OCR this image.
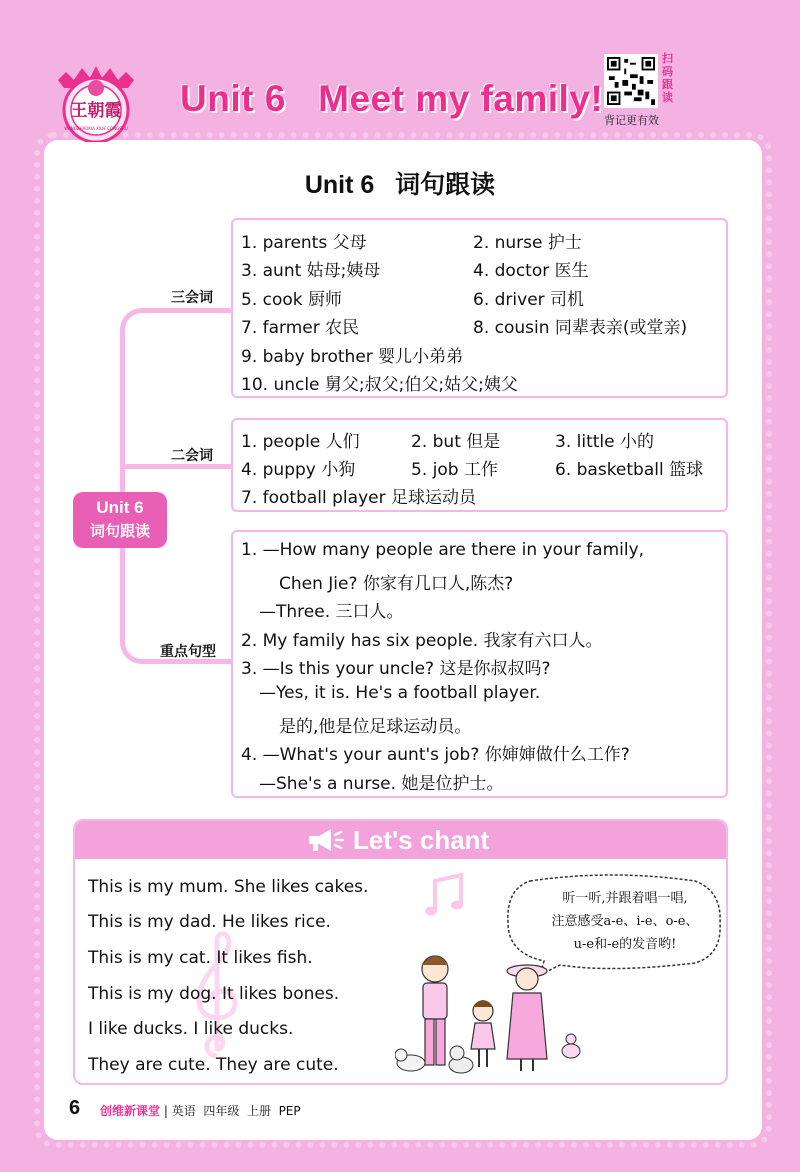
王朝霞
WANGZHAOXIA XILIE CONGSHU
Unit 6   Meet my family!
扫码跟读
背记更有效
Unit 6   词句跟读
Unit 6
词句跟读
三会词
二会词
重点句型
1. parents 父母	2. nurse 护士
3. aunt 姑母;姨母	4. doctor 医生
5. cook 厨师	6. driver 司机
7. farmer 农民	8. cousin 同辈表亲(或堂亲)
9. baby brother 婴儿小弟弟
10. uncle 舅父;叔父;伯父;姑父;姨父
1. people 人们	2. but 但是	3. little 小的
4. puppy 小狗	5. job 工作	6. basketball 篮球
7. football player 足球运动员
1. —How many people are there in your family,
Chen Jie? 你家有几口人,陈杰?
—Three. 三口人。
2. My family has six people. 我家有六口人。
3. —Is this your uncle? 这是你叔叔吗?
—Yes, it is. He's a football player.
是的,他是位足球运动员。
4. —What's your aunt's job? 你婶婶做什么工作?
—She's a nurse. 她是位护士。
Let's chant
This is my mum. She likes cakes.
This is my dad. He likes rice.
This is my cat. It likes fish.
This is my dog. It likes bones.
I like ducks. I like ducks.
They are cute. They are cute.
听一听,并跟着唱一唱,
注意感受a-e、i-e、o-e、
u-e和-e的发音哟!
6 创维新课堂 | 英语  四年级  上册  PEP
